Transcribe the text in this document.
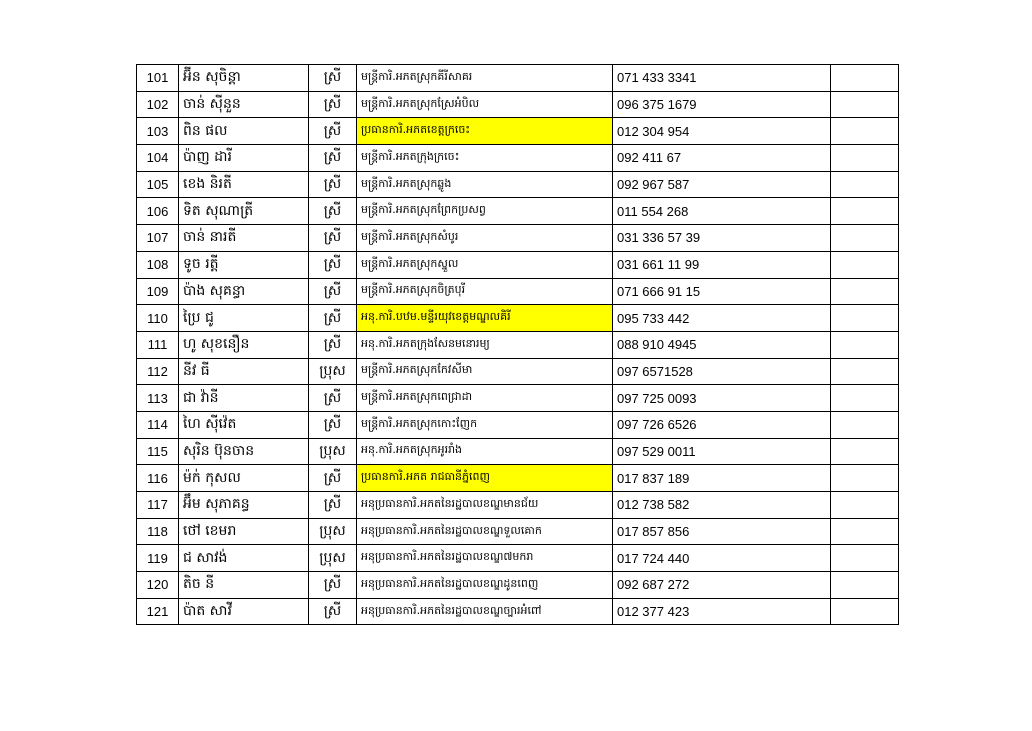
101	អ៊ីន សុចិន្តា	ស្រី	មន្ត្រីការិ.អភតស្រុកគីរីសាគរ	071 433 3341	
102	ចាន់ ស៊ីនួន	ស្រី	មន្ត្រីការិ.អភតស្រុកស្រែអំបិល	096 375 1679	
103	ពិន ផល	ស្រី	ប្រធានការិ.អភតខេត្តក្រចេះ	012 304 954	
104	ប៉ាញ ដារី	ស្រី	មន្ត្រីការិ.អភតក្រុងក្រចេះ	092 411 67	
105	ខេង និរតី	ស្រី	មន្ត្រីការិ.អភតស្រុកឆ្លូង	092 967 587	
106	ទិត សុណាត្រី	ស្រី	មន្ត្រីការិ.អភតស្រុកព្រែកប្រសព្វ	011 554 268	
107	ចាន់ នារតី	ស្រី	មន្ត្រីការិ.អភតស្រុកសំបូរ	031 336 57 39	
108	ទូច រត្តី	ស្រី	មន្ត្រីការិ.អភតស្រុកស្នួល	031 661 11 99	
109	ប៉ាង សុគន្ធា	ស្រី	មន្ត្រីការិ.អភតស្រុកចិត្របុរី	071 666 91 15	
110	ប្រៃ ជូ	ស្រី	អនុ.ការិ.បឋម.មន្ទីរយុវខេត្តមណ្ឌលគិរី	095 733 442	
111	ហូ សុខនឿន	ស្រី	អនុ.ការិ.អភតក្រុងសែនមនោរម្យ	088 910 4945	
112	នីវ ធី	ប្រុស	មន្ត្រីការិ.អភតស្រុកកែវសីមា	097 6571528	
113	ជា វ៉ានី	ស្រី	មន្ត្រីការិ.អភតស្រុកពេជ្រាដា	097 725 0093	
114	ហៃ ស៊ីវ៉េត	ស្រី	មន្ត្រីការិ.អភតស្រុកកោះញែក	097 726 6526	
115	សុរិន ប៊ុនចាន	ប្រុស	អនុ.ការិ.អភតស្រុកអូររាំង	097 529 0011	
116	ម៉ក់ កុសល	ស្រី	ប្រធានការិ.អភត រាជធានីភ្នំពេញ	017 837 189	
117	អ៊ឹម សុភាគន្ធ	ស្រី	អនុប្រធានការិ.អភតនៃរដ្ឋបាលខណ្ឌមានជ័យ	012 738 582	
118	ថៅ ខេមរា	ប្រុស	អនុប្រធានការិ.អភតនៃរដ្ឋបាលខណ្ឌទួលគោក	017 857 856	
119	ជ សាវង់	ប្រុស	អនុប្រធានការិ.អភតនៃរដ្ឋបាលខណ្ឌ៧មករា	017 724 440	
120	តិច នី	ស្រី	អនុប្រធានការិ.អភតនៃរដ្ឋបាលខណ្ឌដូនពេញ	092 687 272	
121	ប៉ាត សាវី	ស្រី	អនុប្រធានការិ.អភតនៃរដ្ឋបាលខណ្ឌច្បារអំពៅ	012 377 423	
